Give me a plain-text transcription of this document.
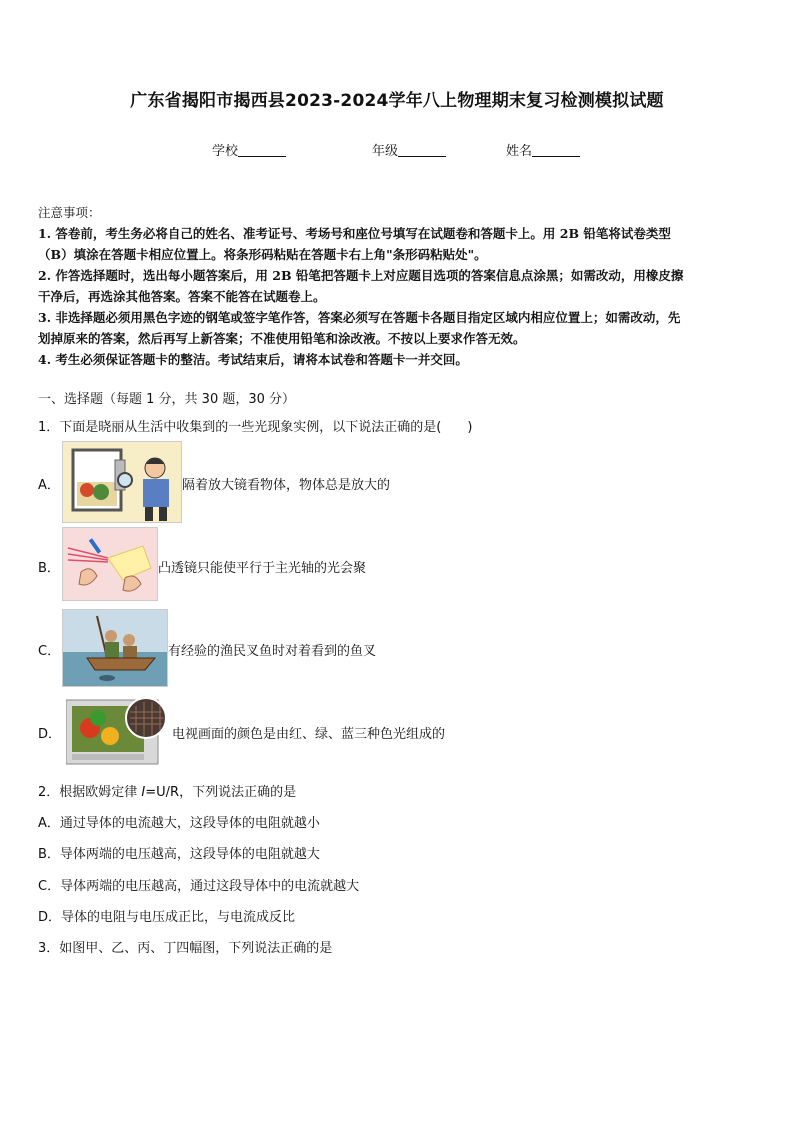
广东省揭阳市揭西县2023-2024学年八上物理期末复习检测模拟试题
学校	年级	姓名

注意事项：

1. 答卷前，考生务必将自己的姓名、准考证号、考场号和座位号填写在试题卷和答题卡上。用 2B 铅笔将试卷类型

（B）填涂在答题卡相应位置上。将条形码粘贴在答题卡右上角"条形码粘贴处"。

2. 作答选择题时，选出每小题答案后，用 2B 铅笔把答题卡上对应题目选项的答案信息点涂黑；如需改动，用橡皮擦

干净后，再选涂其他答案。答案不能答在试题卷上。

3. 非选择题必须用黑色字迹的钢笔或签字笔作答，答案必须写在答题卡各题目指定区域内相应位置上；如需改动，先

划掉原来的答案，然后再写上新答案；不准使用铅笔和涂改液。不按以上要求作答无效。

4. 考生必须保证答题卡的整洁。考试结束后，请将本试卷和答题卡一并交回。

一、选择题（每题 1 分，共 30 题，30 分）
1．下面是晓丽从生活中收集到的一些光现象实例，以下说法正确的是(　　)
A．	隔着放大镜看物体，物体总是放大的
B．	凸透镜只能使平行于主光轴的光会聚
C．	有经验的渔民叉鱼时对着看到的鱼叉
D．	电视画面的颜色是由红、绿、蓝三种色光组成的
2．根据欧姆定律 I=U/R，下列说法正确的是
A．通过导体的电流越大，这段导体的电阻就越小
B．导体两端的电压越高，这段导体的电阻就越大
C．导体两端的电压越高，通过这段导体中的电流就越大
D．导体的电阻与电压成正比，与电流成反比
3．如图甲、乙、丙、丁四幅图，下列说法正确的是
